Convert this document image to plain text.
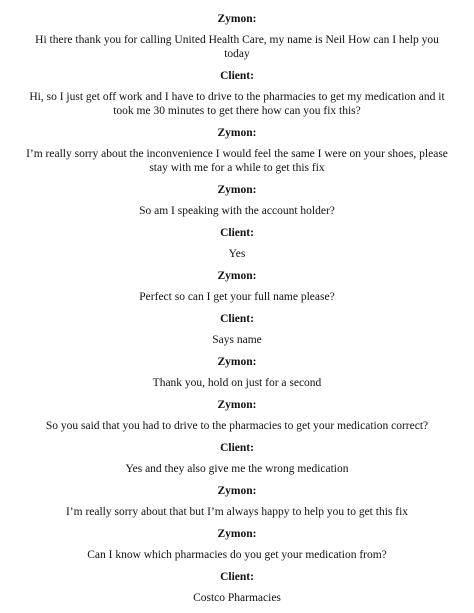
Zymon:

Hi there thank you for calling United Health Care, my name is Neil How can I help you today

Client:

Hi, so I just get off work and I have to drive to the pharmacies to get my medication and it took me 30 minutes to get there how can you fix this?

Zymon:

I’m really sorry about the inconvenience I would feel the same I were on your shoes, please stay with me for a while to get this fix

Zymon:

So am I speaking with the account holder?

Client:

Yes

Zymon:

Perfect so can I get your full name please?

Client:

Says name

Zymon:

Thank you, hold on just for a second

Zymon:

So you said that you had to drive to the pharmacies to get your medication correct?

Client:

Yes and they also give me the wrong medication

Zymon:

I’m really sorry about that but I’m always happy to help you to get this fix

Zymon:

Can I know which pharmacies do you get your medication from?

Client:

Costco Pharmacies
